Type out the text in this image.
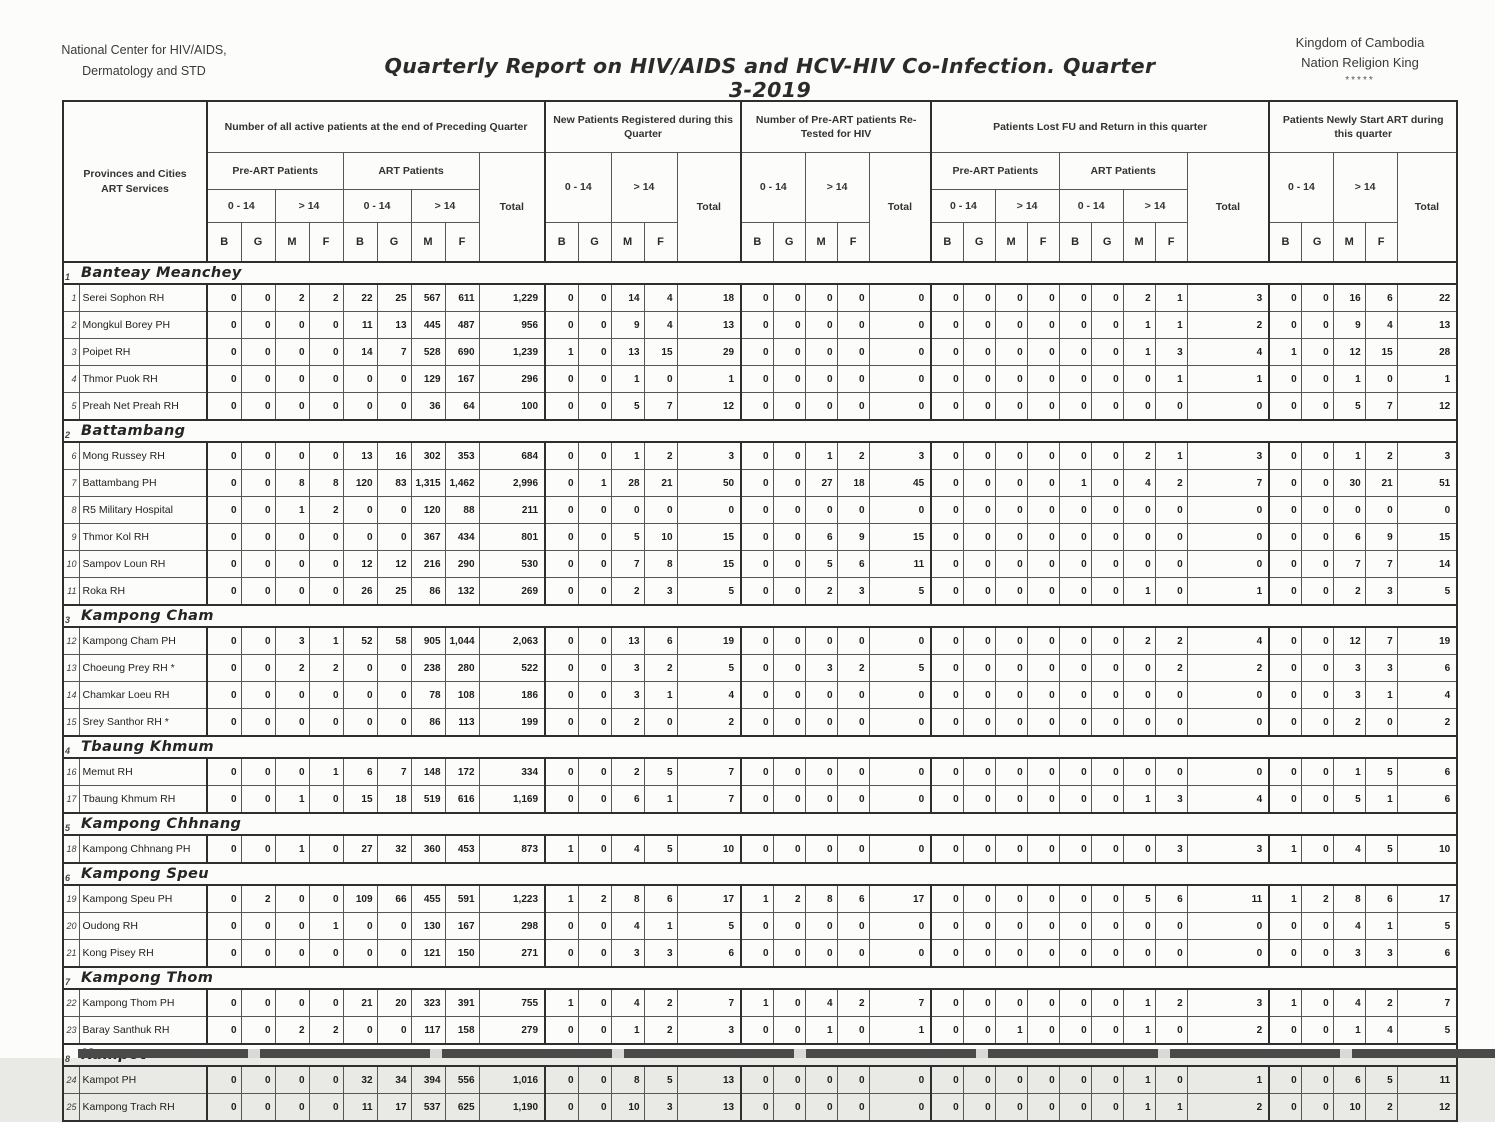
National Center for HIV/AIDS,
Dermatology and STD	Quarterly Report on HIV/AIDS and HCV-HIV Co-Infection. Quarter 3-2019
Kingdom of Cambodia
Nation Religion King
*****
Provinces and Cities
ART Services		Number of all active patients at the end of Preceding Quarter									New Patients Registered during this Quarter					Number of Pre-ART patients Re-Tested for HIV					Patients Lost FU and Return in this quarter									Patients Newly Start ART during this quarter				
		Pre-ART Patients				ART Patients				Total	0 - 14		> 14		Total	0 - 14		> 14		Total	Pre-ART Patients				ART Patients				Total	0 - 14		> 14		Total
		0 - 14		> 14		0 - 14		> 14													0 - 14		> 14		0 - 14		> 14							
		B	G	M	F	B	G	M	F		B	G	M	F		B	G	M	F		B	G	M	F	B	G	M	F		B	G	M	F	
1	Banteay Meanchey																																	
1	Serei Sophon RH	0	0	2	2	22	25	567	611	1,229	0	0	14	4	18	0	0	0	0	0	0	0	0	0	0	0	2	1	3	0	0	16	6	22
2	Mongkul Borey PH	0	0	0	0	11	13	445	487	956	0	0	9	4	13	0	0	0	0	0	0	0	0	0	0	0	1	1	2	0	0	9	4	13
3	Poipet RH	0	0	0	0	14	7	528	690	1,239	1	0	13	15	29	0	0	0	0	0	0	0	0	0	0	0	1	3	4	1	0	12	15	28
4	Thmor Puok RH	0	0	0	0	0	0	129	167	296	0	0	1	0	1	0	0	0	0	0	0	0	0	0	0	0	0	1	1	0	0	1	0	1
5	Preah Net Preah RH	0	0	0	0	0	0	36	64	100	0	0	5	7	12	0	0	0	0	0	0	0	0	0	0	0	0	0	0	0	0	5	7	12
2	Battambang																																	
6	Mong Russey RH	0	0	0	0	13	16	302	353	684	0	0	1	2	3	0	0	1	2	3	0	0	0	0	0	0	2	1	3	0	0	1	2	3
7	Battambang PH	0	0	8	8	120	83	1,315	1,462	2,996	0	1	28	21	50	0	0	27	18	45	0	0	0	0	1	0	4	2	7	0	0	30	21	51
8	R5 Military Hospital	0	0	1	2	0	0	120	88	211	0	0	0	0	0	0	0	0	0	0	0	0	0	0	0	0	0	0	0	0	0	0	0	0
9	Thmor Kol RH	0	0	0	0	0	0	367	434	801	0	0	5	10	15	0	0	6	9	15	0	0	0	0	0	0	0	0	0	0	0	6	9	15
10	Sampov Loun RH	0	0	0	0	12	12	216	290	530	0	0	7	8	15	0	0	5	6	11	0	0	0	0	0	0	0	0	0	0	0	7	7	14
11	Roka RH	0	0	0	0	26	25	86	132	269	0	0	2	3	5	0	0	2	3	5	0	0	0	0	0	0	1	0	1	0	0	2	3	5
3	Kampong Cham																																	
12	Kampong Cham PH	0	0	3	1	52	58	905	1,044	2,063	0	0	13	6	19	0	0	0	0	0	0	0	0	0	0	0	2	2	4	0	0	12	7	19
13	Choeung Prey RH *	0	0	2	2	0	0	238	280	522	0	0	3	2	5	0	0	3	2	5	0	0	0	0	0	0	0	2	2	0	0	3	3	6
14	Chamkar Loeu RH	0	0	0	0	0	0	78	108	186	0	0	3	1	4	0	0	0	0	0	0	0	0	0	0	0	0	0	0	0	0	3	1	4
15	Srey Santhor RH *	0	0	0	0	0	0	86	113	199	0	0	2	0	2	0	0	0	0	0	0	0	0	0	0	0	0	0	0	0	0	2	0	2
4	Tbaung Khmum																																	
16	Memut RH	0	0	0	1	6	7	148	172	334	0	0	2	5	7	0	0	0	0	0	0	0	0	0	0	0	0	0	0	0	0	1	5	6
17	Tbaung Khmum RH	0	0	1	0	15	18	519	616	1,169	0	0	6	1	7	0	0	0	0	0	0	0	0	0	0	0	1	3	4	0	0	5	1	6
5	Kampong Chhnang																																	
18	Kampong Chhnang PH	0	0	1	0	27	32	360	453	873	1	0	4	5	10	0	0	0	0	0	0	0	0	0	0	0	0	3	3	1	0	4	5	10
6	Kampong Speu																																	
19	Kampong Speu PH	0	2	0	0	109	66	455	591	1,223	1	2	8	6	17	1	2	8	6	17	0	0	0	0	0	0	5	6	11	1	2	8	6	17
20	Oudong RH	0	0	0	1	0	0	130	167	298	0	0	4	1	5	0	0	0	0	0	0	0	0	0	0	0	0	0	0	0	0	4	1	5
21	Kong Pisey RH	0	0	0	0	0	0	121	150	271	0	0	3	3	6	0	0	0	0	0	0	0	0	0	0	0	0	0	0	0	0	3	3	6
7	Kampong Thom																																	
22	Kampong Thom PH	0	0	0	0	21	20	323	391	755	1	0	4	2	7	1	0	4	2	7	0	0	0	0	0	0	1	2	3	1	0	4	2	7
23	Baray Santhuk RH	0	0	2	2	0	0	117	158	279	0	0	1	2	3	0	0	1	0	1	0	0	1	0	0	0	1	0	2	0	0	1	4	5
8	
24	Kampot PH	0	0	0	0	32	34	394	556	1,016	0	0	8	5	13	0	0	0	0	0	0	0	0	0	0	0	1	0	1	0	0	6	5	11
25	Kampong Trach RH	0	0	0	0	11	17	537	625	1,190	0	0	10	3	13	0	0	0	0	0	0	0	0	0	0	0	1	1	2	0	0	10	2	12
